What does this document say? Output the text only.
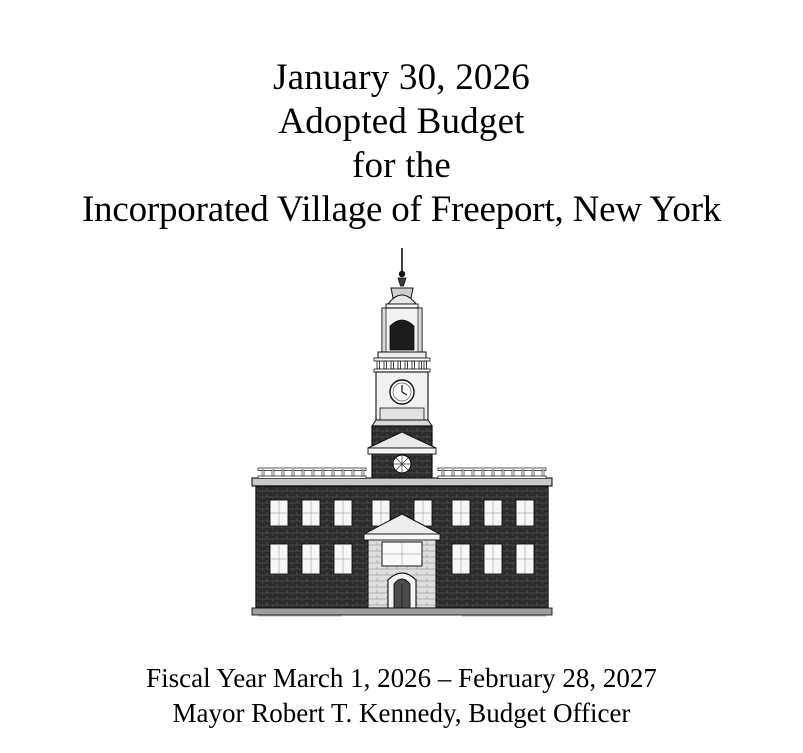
January 30, 2026
Adopted Budget
for the
Incorporated Village of Freeport, New York
Fiscal Year March 1, 2026 – February 28, 2027
Mayor Robert T. Kennedy, Budget Officer
